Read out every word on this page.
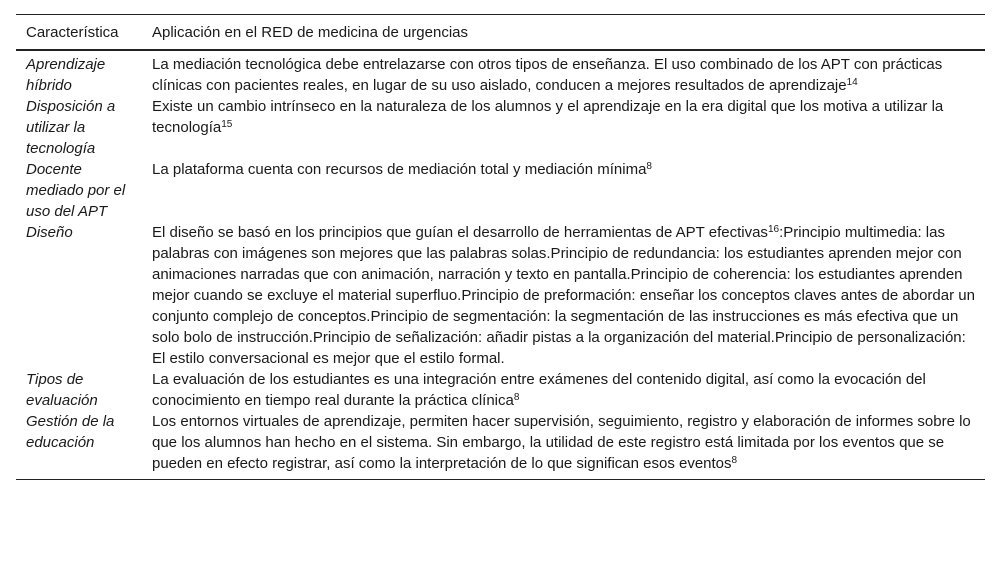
Característica	Aplicación en el RED de medicina de urgencias
Aprendizaje híbrido	La mediación tecnológica debe entrelazarse con otros tipos de enseñanza. El uso combinado de los APT con prácticas clínicas con pacientes reales, en lugar de su uso aislado, conducen a mejores resultados de aprendizaje$^{14}$
Disposición a utilizar la tecnología	Existe un cambio intrínseco en la naturaleza de los alumnos y el aprendizaje en la era digital que los motiva a utilizar la tecnología$^{15}$
Docente mediado por el uso del APT	La plataforma cuenta con recursos de mediación total y mediación mínima$^8$
Diseño	El diseño se basó en los principios que guían el desarrollo de herramientas de APT efectivas$^{16}$:Principio multimedia: las palabras con imágenes son mejores que las palabras solas.Principio de redundancia: los estudiantes aprenden mejor con animaciones narradas que con animación, narración y texto en pantalla.Principio de coherencia: los estudiantes aprenden mejor cuando se excluye el material superfluo.Principio de preformación: enseñar los conceptos claves antes de abordar un conjunto complejo de conceptos.Principio de segmentación: la segmentación de las instrucciones es más efectiva que un solo bolo de instrucción.Principio de señalización: añadir pistas a la organización del material.Principio de personalización: El estilo conversacional es mejor que el estilo formal.
Tipos de evaluación	La evaluación de los estudiantes es una integración entre exámenes del contenido digital, así como la evocación del conocimiento en tiempo real durante la práctica clínica$^8$
Gestión de la educación	Los entornos virtuales de aprendizaje, permiten hacer supervisión, seguimiento, registro y elaboración de informes sobre lo que los alumnos han hecho en el sistema. Sin embargo, la utilidad de este registro está limitada por los eventos que se pueden en efecto registrar, así como la interpretación de lo que significan esos eventos$^8$
